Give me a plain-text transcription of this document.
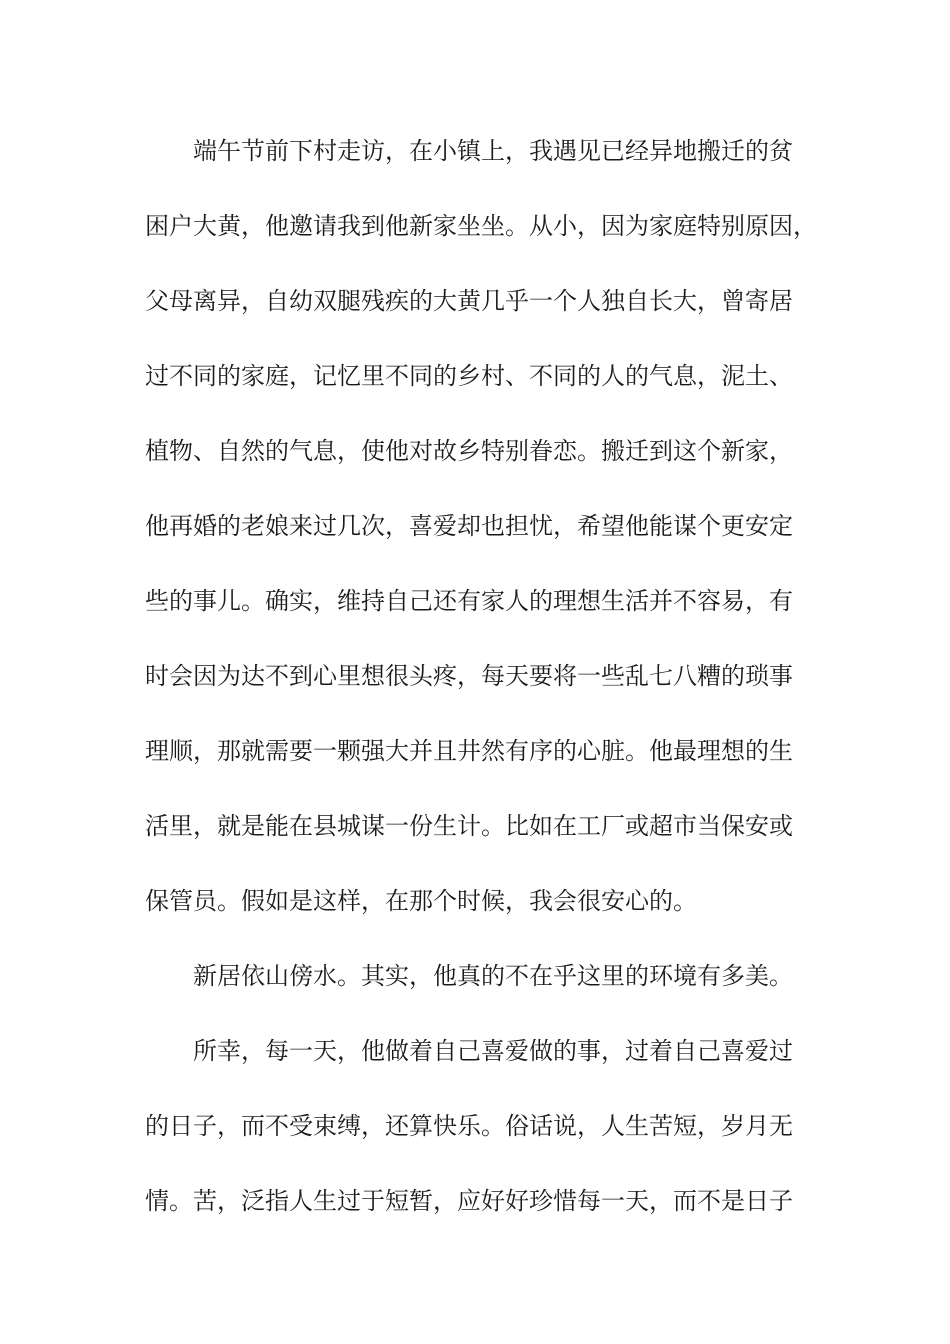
端午节前下村走访，在小镇上，我遇见已经异地搬迁的贫
困户大黄，他邀请我到他新家坐坐。从小，因为家庭特别原因，
父母离异，自幼双腿残疾的大黄几乎一个人独自长大，曾寄居
过不同的家庭，记忆里不同的乡村、不同的人的气息，泥土、
植物、自然的气息，使他对故乡特别眷恋。搬迁到这个新家，
他再婚的老娘来过几次，喜爱却也担忧，希望他能谋个更安定
些的事儿。确实，维持自己还有家人的理想生活并不容易，有
时会因为达不到心里想很头疼，每天要将一些乱七八糟的琐事
理顺，那就需要一颗强大并且井然有序的心脏。他最理想的生
活里，就是能在县城谋一份生计。比如在工厂或超市当保安或
保管员。假如是这样，在那个时候，我会很安心的。
新居依山傍水。其实，他真的不在乎这里的环境有多美。
所幸，每一天，他做着自己喜爱做的事，过着自己喜爱过
的日子，而不受束缚，还算快乐。俗话说，人生苦短，岁月无
情。苦，泛指人生过于短暂，应好好珍惜每一天，而不是日子
